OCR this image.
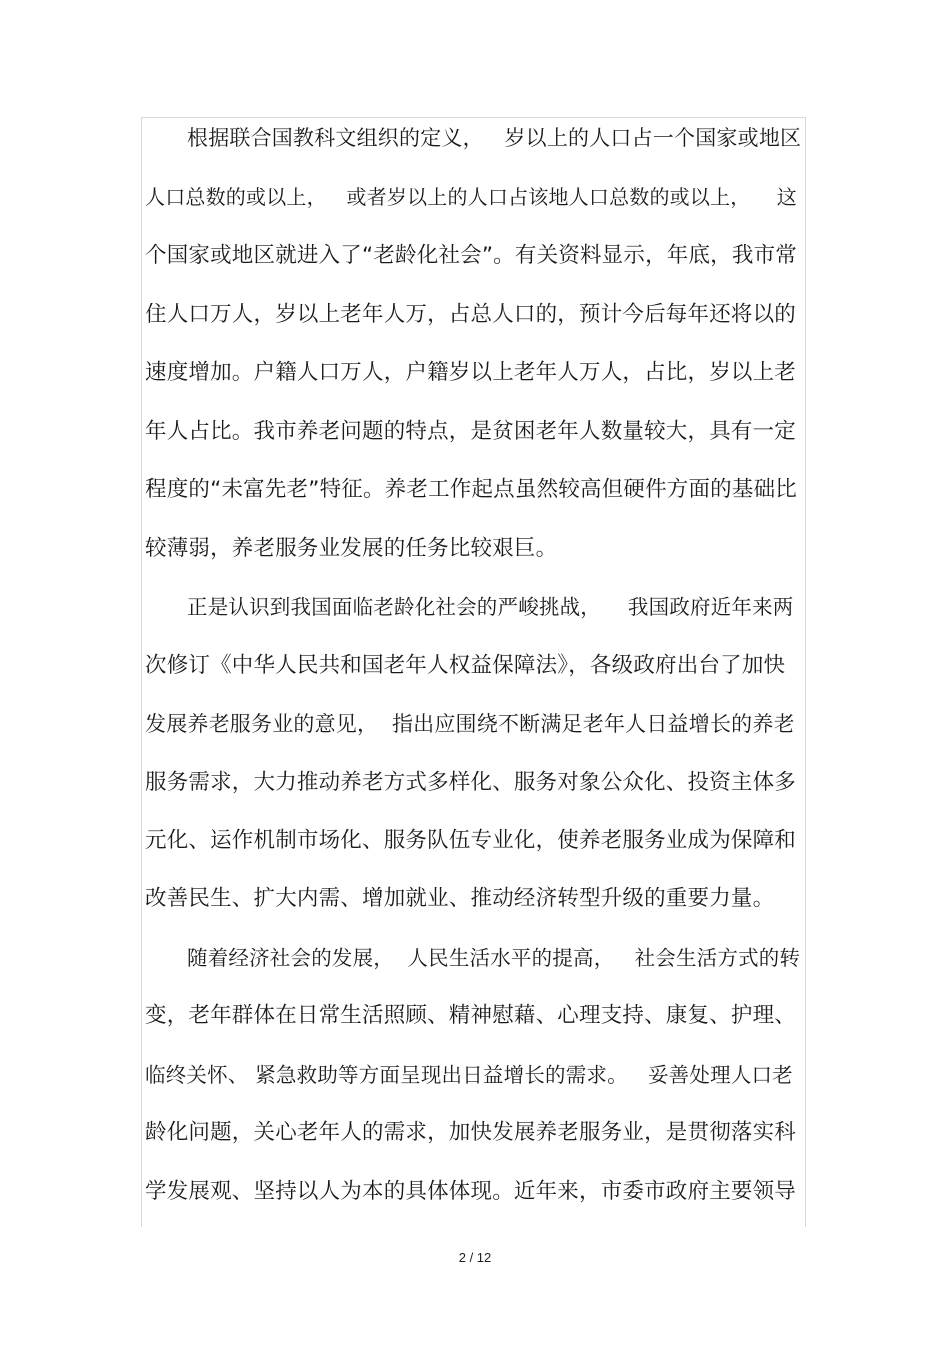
根据联合国教科文组织的定义，   岁以上的人口占一个国家或地区
人口总数的或以上，   或者岁以上的人口占该地人口总数的或以上，    这
个国家或地区就进入了“老龄化社会”。有关资料显示，年底，我市常
住人口万人，岁以上老年人万，占总人口的，预计今后每年还将以的
速度增加。户籍人口万人，户籍岁以上老年人万人，占比，岁以上老
年人占比。我市养老问题的特点，是贫困老年人数量较大，具有一定
程度的“未富先老”特征。养老工作起点虽然较高但硬件方面的基础比
较薄弱，养老服务业发展的任务比较艰巨。
正是认识到我国面临老龄化社会的严峻挑战，    我国政府近年来两
次修订《中华人民共和国老年人权益保障法》，各级政府出台了加快
发展养老服务业的意见，  指出应围绕不断满足老年人日益增长的养老
服务需求，大力推动养老方式多样化、服务对象公众化、投资主体多
元化、运作机制市场化、服务队伍专业化，使养老服务业成为保障和
改善民生、扩大内需、增加就业、推动经济转型升级的重要力量。
随着经济社会的发展，  人民生活水平的提高，   社会生活方式的转
变，老年群体在日常生活照顾、精神慰藉、心理支持、康复、护理、
临终关怀、 紧急救助等方面呈现出日益增长的需求。   妥善处理人口老
龄化问题，关心老年人的需求，加快发展养老服务业，是贯彻落实科
学发展观、坚持以人为本的具体体现。近年来，市委市政府主要领导
2 / 12
